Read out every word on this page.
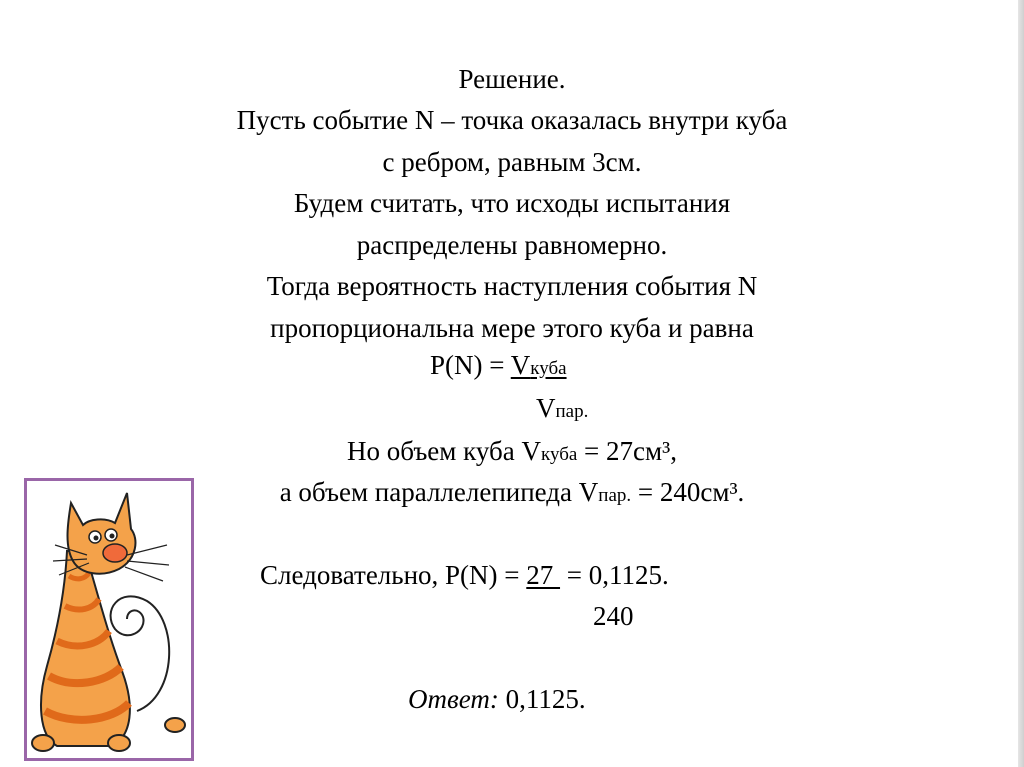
Решение.
Пусть событие N – точка оказалась внутри куба
с ребром, равным 3см.
Будем считать, что исходы испытания
распределены равномерно.
Тогда вероятность наступления события N
пропорциональна мере этого куба и равна
P(N) = Vкуба
Vпар.
Но объем куба Vкуба = 27см³,
а объем параллелепипеда Vпар. = 240см³.
Следовательно, P(N) = 27  = 0,1125.
240
Ответ: 0,1125.
